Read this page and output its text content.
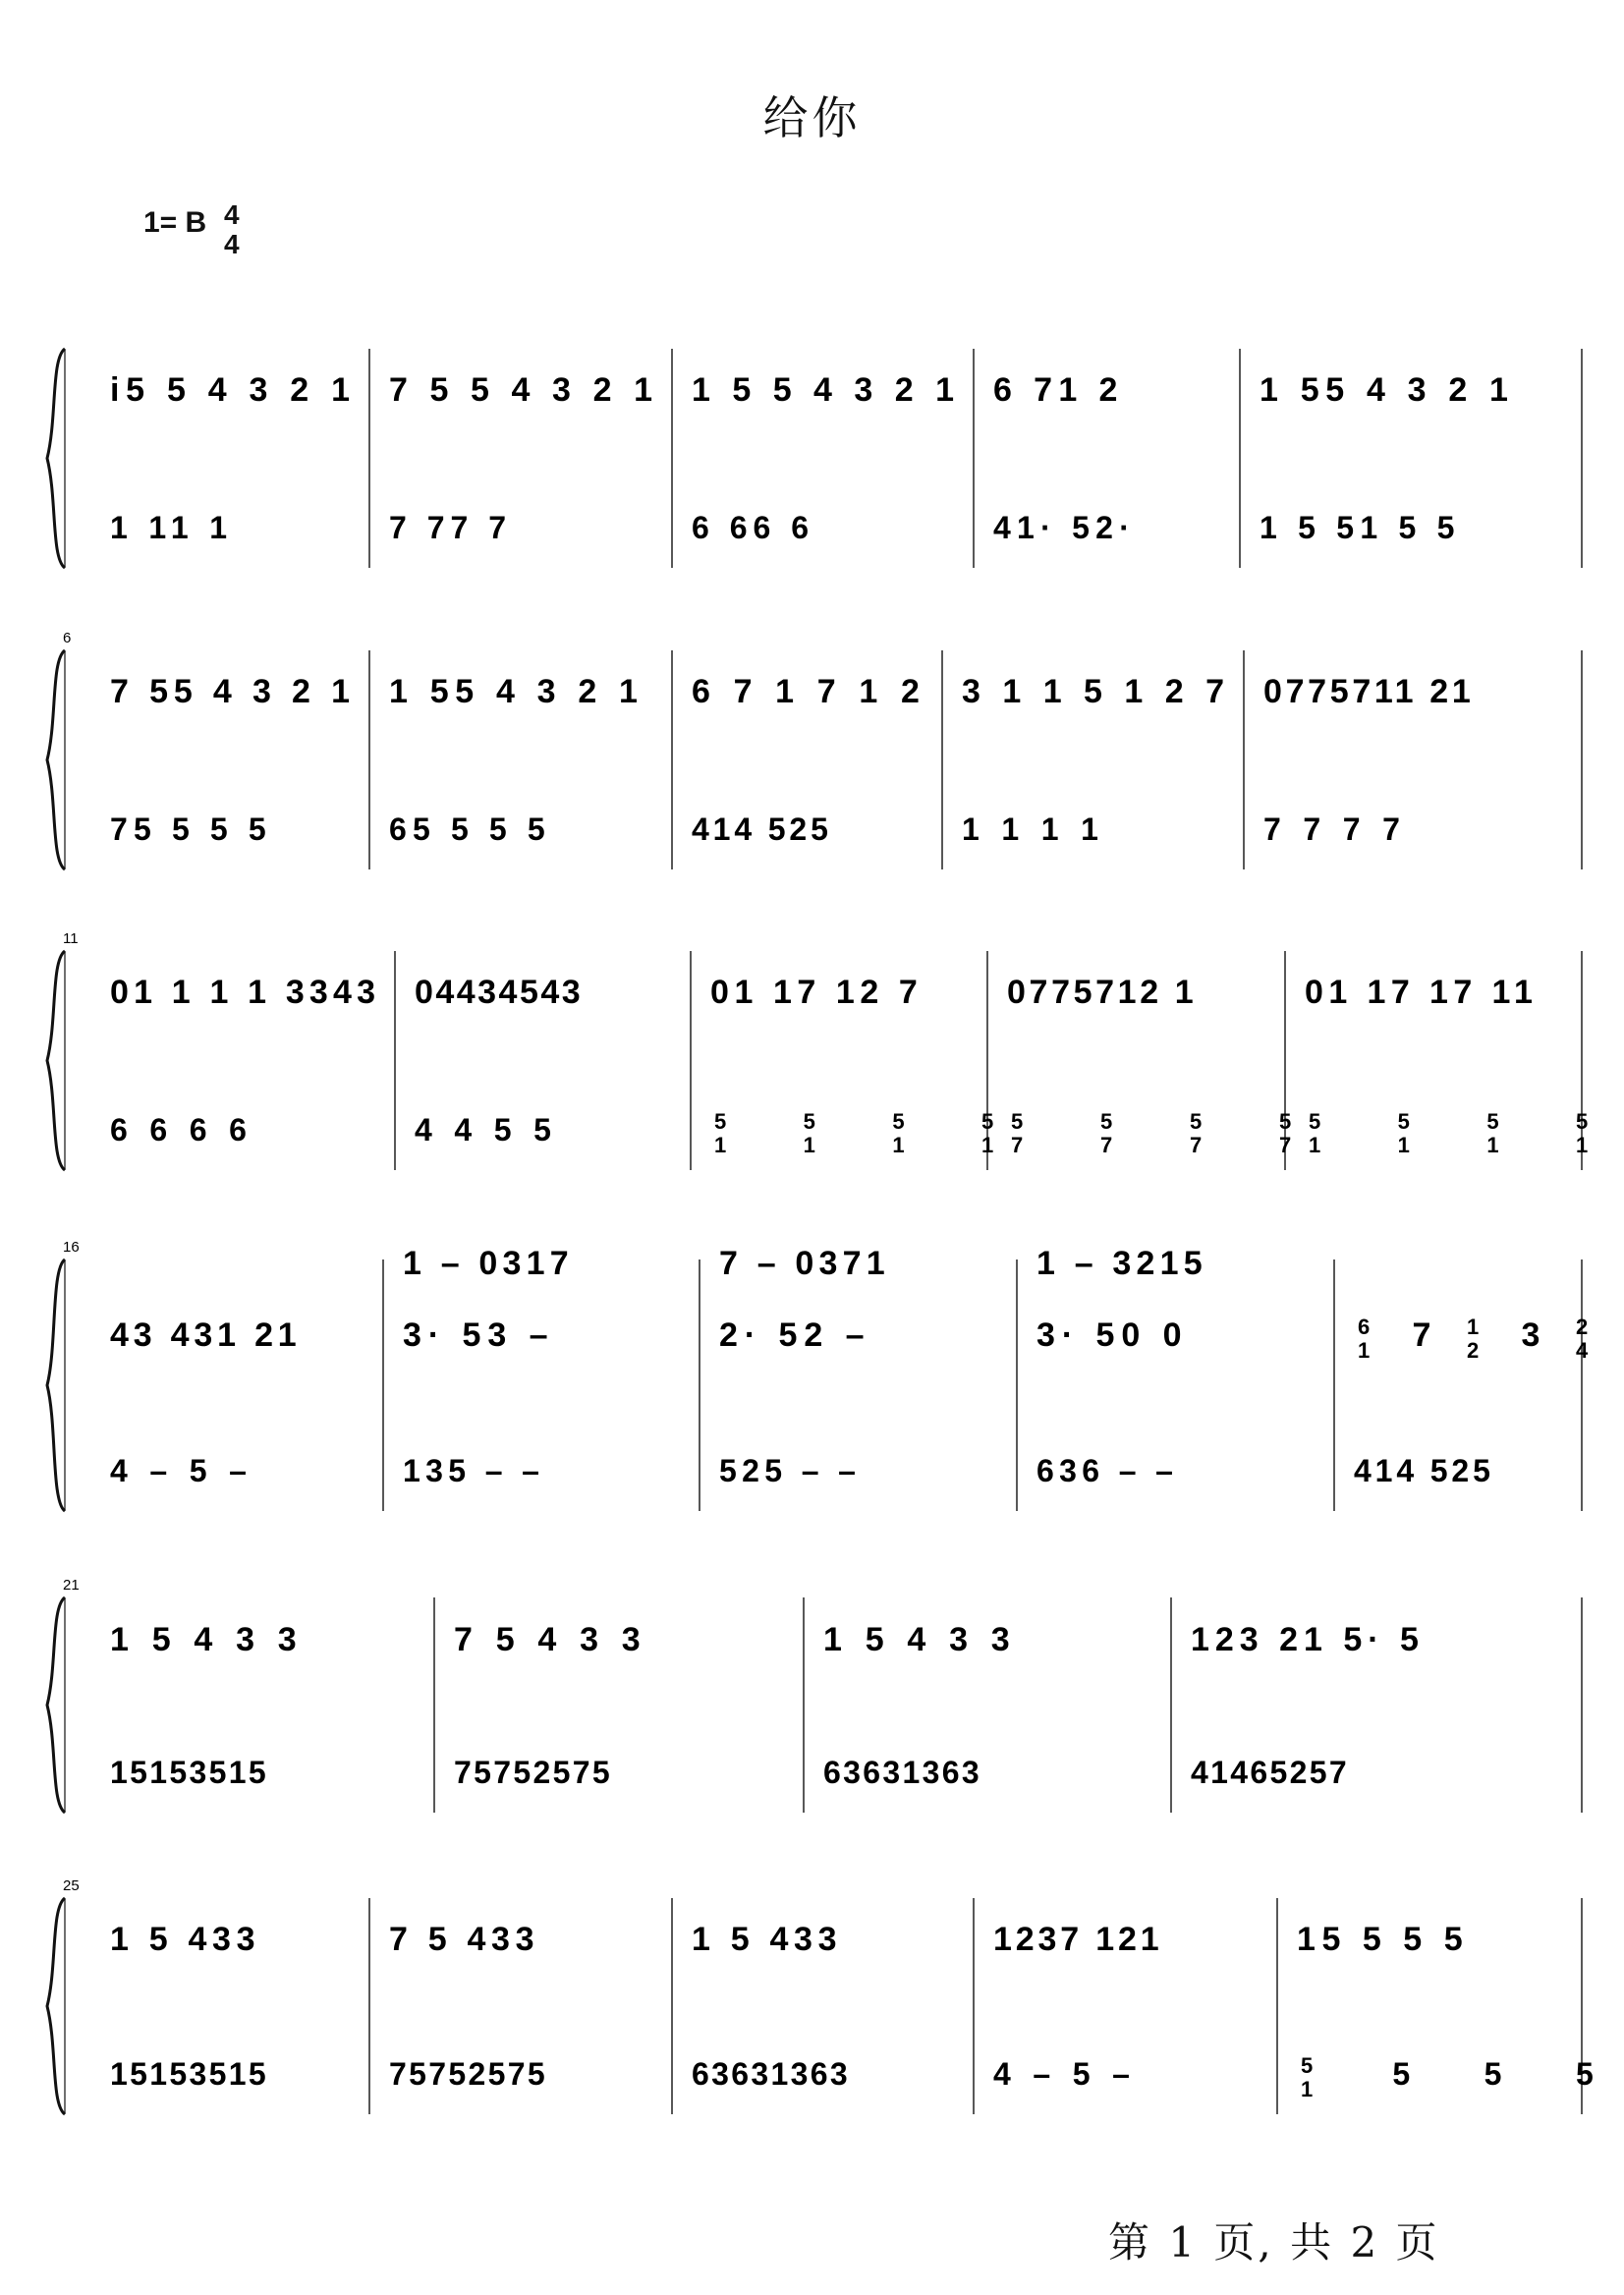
给你
1= B 4
4
i5 5 4 3 2 1
1 11 1
7 5 5 4 3 2 1
7 77 7
1 5 5 4 3 2 1
6 66 6
6 71 2
41· 52·
1 55 4 3 2 1
1 5 51 5 5
6
7 55 4 3 2 1
75 5 5 5
1 55 4 3 2 1
65 5 5 5
6 7 1 7 1 2
414 525
3 1 1 5 1 2 7
1 1 1 1
0775711 21
7 7 7 7
11
01 1 1 1 3343
6 6 6 6
04434543
4 4 5 5
01 17 12 7
5
1
5
1
5
1
5
1
0775712 1
5
7
5
7
5
7
5
7
01 17 17 11
5
1
5
1
5
1
5
1
16
43 431 21
4 – 5 –
1 – 0317
3· 53 –
135 – –
7 – 0371
2· 52 –
525 – –
1 – 3215
3· 50 0
636 – –
6
1 7 1
2 3 2
4
414 525
21
1 5 4 3 3
15153515
7 5 4 3 3
75752575
1 5 4 3 3
63631363
123 21 5· 5
41465257
25
1 5 433
15153515
7 5 433
75752575
1 5 433
63631363
1237 121
4 – 5 –
15 5 5 5
5
1	5 5 5
第 1 页, 共 2 页
